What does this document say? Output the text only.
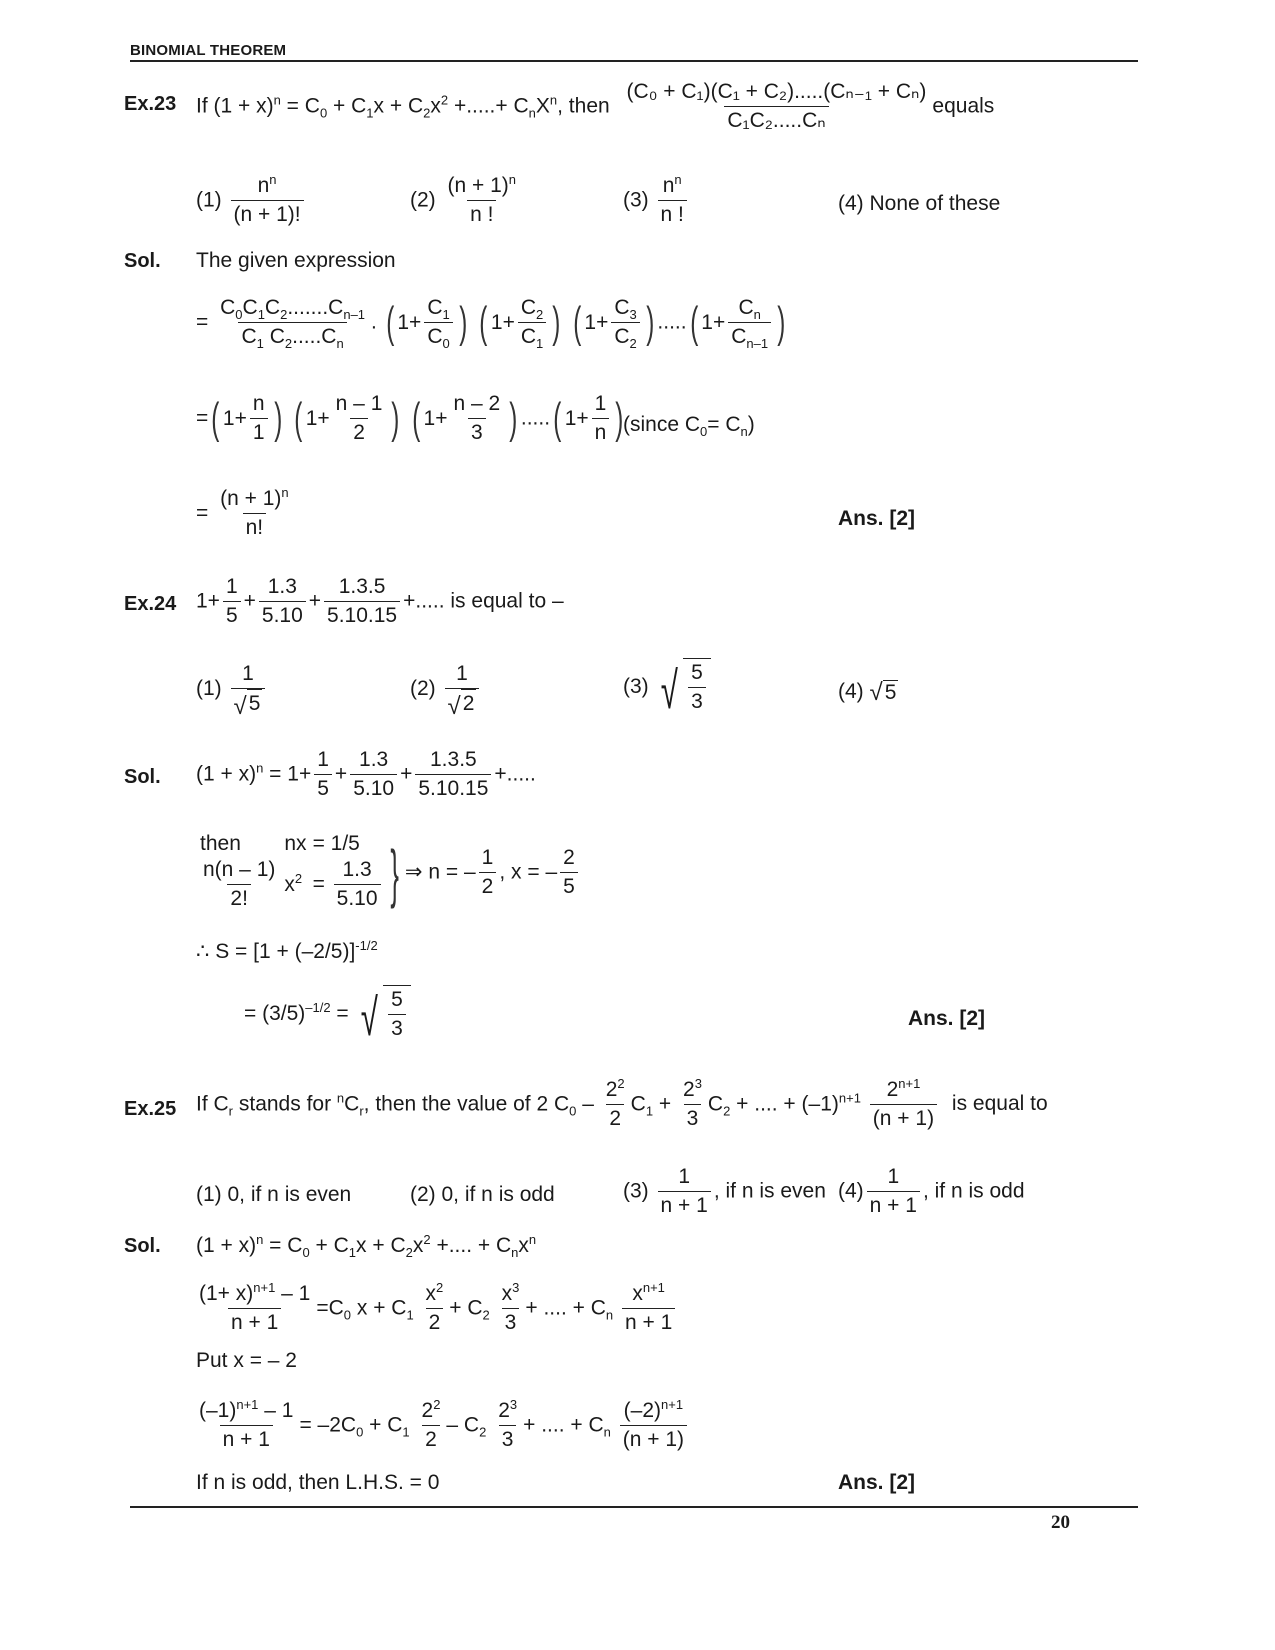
BINOMIAL THEOREM
Ex.23 If $(1 + x)^n = C_0 + C_1x + C_2x^2$ +.....+ $C_nX^n$, then $\frac{\text{(C₀ + C₁)(C₁ + C₂).....(Cₙ₋₁ + Cₙ)}}{\text{C₁C₂.....Cₙ}}$ equals
$(1) \frac{n^n}{(n + 1)!}$	$(2) \frac{(n + 1)^n}{n !}$	$(3) \frac{n^n}{n !}$	(4) None of these
Sol. The given expression
= $\frac{C_0C_1C_2.......C_{n-1}}{C_1 C_2.....C_n}$ . ( $1+ \frac{C_1}{C_0}$ )
( $1+ \frac{C_2}{C_1}$ )
( $1+ \frac{C_3}{C_2}$ ) ..... ( $1+ \frac{C_n}{C_{n-1}}$ )
= ( $1+ \frac{n}{1}$ )
( $1+ \frac{n - 1}{2}$ )
( $1+ \frac{n - 2}{3}$ ) ..... ( $1+ \frac{1}{n}$ ) (since $C_0= C_n$)
= $\frac{(n + 1)^n}{n!}$	Ans. [2]
Ex.24 $1+ \frac{1}{5} + \frac{1.3}{5.10} + \frac{1.3.5}{5.10.15}$ +..... is equal to –
$(1) \frac{1}{√ 5}$	$(2) \frac{1}{√ 2}$	(3) √ $\frac{5}{3}$	(4) √ 5
Sol. $(1 + x)^n = 1+ \frac{1}{5} + \frac{1.3}{5.10} + \frac{1.3.5}{5.10.15}$ +.....
then	nx = 1/5
$\frac{n(n - 1)}{2!} x^2 = \frac{1.3}{5.10}$ } ⇒ n = – $\frac{1}{2}$ , x = – $\frac{2}{5}$
∴ $S = [1 + (-2/5)]^{-1/2}$
= $(3/5)^{-1/2}$ = √ $\frac{5}{3}$	Ans. [2]
Ex.25 If $C_r$ stands for $^nC_r$, then the value of 2 $C_0 - \frac{2^2}{2} C_1 + \frac{2^3}{3} C_2$ + .... + $(-1)^{n+1} \frac{2^{n+1}}{(n + 1)}$ is equal to
(1) 0, if n is even	(2) 0, if n is odd	$(3) \frac{1}{n + 1}$ , if n is even $(4) \frac{1}{n + 1}$ , if n is odd
Sol. $(1 + x)^n = C_0 + C_1x + C_2x^2$ +.... + $C_nx^n$
$\frac{(1+ x)^{n+1} - 1}{n + 1} =C_0$ $x + C_1 \frac{x^2}{2} + C_2 \frac{x^3}{3}$ + .... + $C_n \frac{x^{n+1}}{n + 1}$
Put x = – 2
$\frac{(-1)^{n+1} - 1}{n + 1} = -2C_0 + C_1 \frac{2^2}{2} - C_2 \frac{2^3}{3}$ + .... + $C_n \frac{(-2)^{n+1}}{(n + 1)}$
If n is odd, then L.H.S. = 0	Ans. [2]
20
